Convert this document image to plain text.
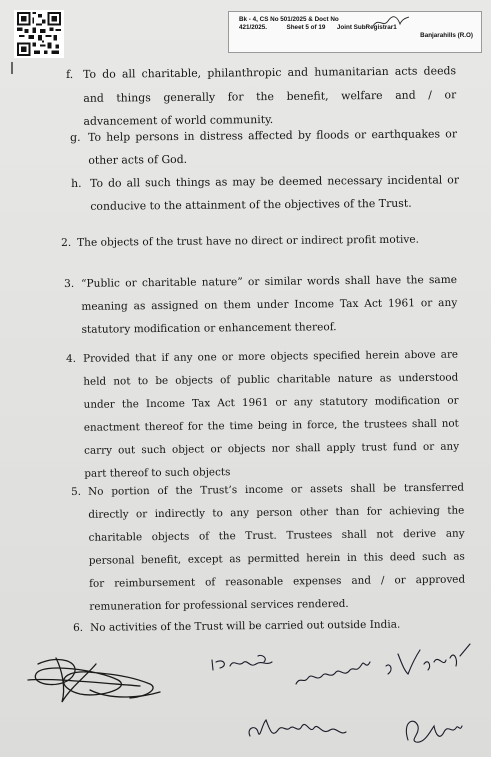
Bk - 4, CS No 501/2025 & Doct No
421/2025.	Sheet 5 of 19 Joint SubRegistrar1
Banjarahills (R.O)
f. To do all charitable, philanthropic and humanitarian acts deeds
and things generally for the benefit, welfare and / or
advancement of world community.
g. To help persons in distress affected by floods or earthquakes or
other acts of God.
h. To do all such things as may be deemed necessary incidental or
conducive to the attainment of the objectives of the Trust.
2. The objects of the trust have no direct or indirect profit motive.
3. “Public or charitable nature” or similar words shall have the same
meaning as assigned on them under Income Tax Act 1961 or any
statutory modification or enhancement thereof.
4. Provided that if any one or more objects specified herein above are
held not to be objects of public charitable nature as understood
under the Income Tax Act 1961 or any statutory modification or
enactment thereof for the time being in force, the trustees shall not
carry out such object or objects nor shall apply trust fund or any
part thereof to such objects
5. No portion of the Trust’s income or assets shall be transferred
directly or indirectly to any person other than for achieving the
charitable objects of the Trust. Trustees shall not derive any
personal benefit, except as permitted herein in this deed such as
for reimbursement of reasonable expenses and / or approved
remuneration for professional services rendered.
6. No activities of the Trust will be carried out outside India.
